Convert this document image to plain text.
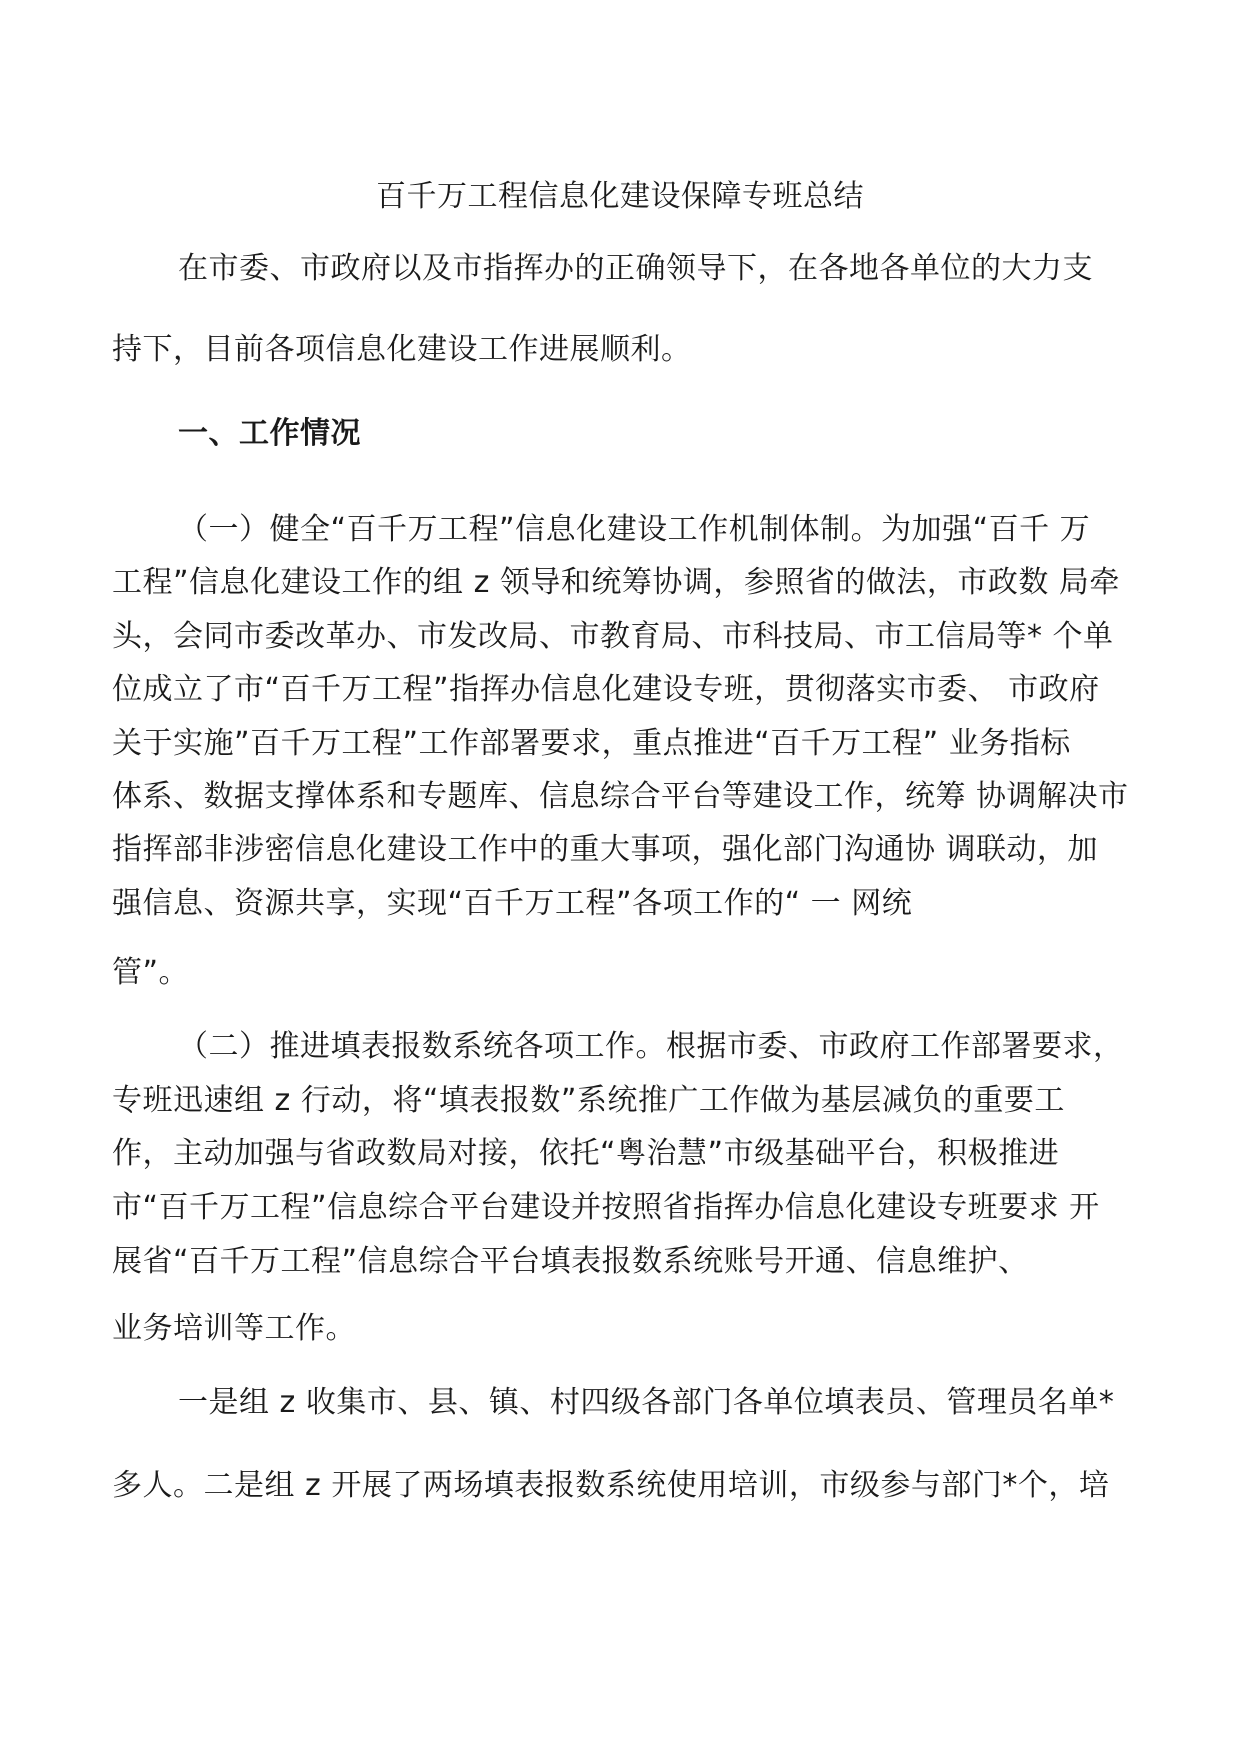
百千万工程信息化建设保障专班总结
在市委、市政府以及市指挥办的正确领导下，在各地各单位的大力支
持下，目前各项信息化建设工作进展顺利。
一、工作情况
（一）健全“百千万工程”信息化建设工作机制体制。为加强“百千 万
工程”信息化建设工作的组 z 领导和统筹协调，参照省的做法，市政数 局牵
头，会同市委改革办、市发改局、市教育局、市科技局、市工信局等* 个单
位成立了市“百千万工程”指挥办信息化建设专班，贯彻落实市委、 市政府
关于实施”百千万工程”工作部署要求，重点推进“百千万工程” 业务指标
体系、数据支撑体系和专题库、信息综合平台等建设工作，统筹 协调解决市
指挥部非涉密信息化建设工作中的重大事项，强化部门沟通协 调联动，加
强信息、资源共享，实现“百千万工程”各项工作的“ 一 网统
管”。
（二）推进填表报数系统各项工作。根据市委、市政府工作部署要求，
专班迅速组 z 行动，将“填表报数”系统推广工作做为基层减负的重要工
作，主动加强与省政数局对接，依托“粤治慧”市级基础平台，积极推进
市“百千万工程”信息综合平台建设并按照省指挥办信息化建设专班要求 开
展省“百千万工程”信息综合平台填表报数系统账号开通、信息维护、
业务培训等工作。
一是组 z 收集市、县、镇、村四级各部门各单位填表员、管理员名单*
多人。二是组 z 开展了两场填表报数系统使用培训，市级参与部门*个，培
